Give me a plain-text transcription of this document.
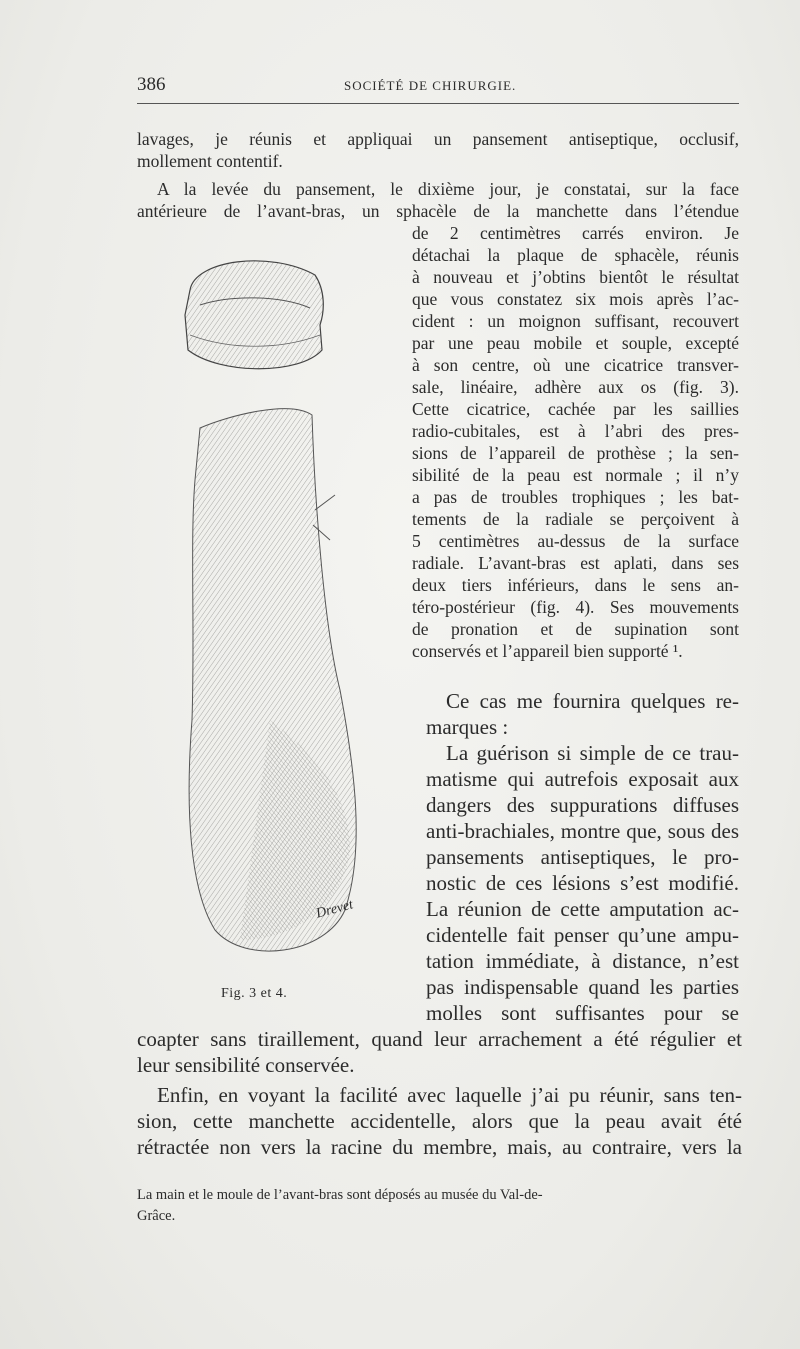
386	SOCIÉTÉ DE CHIRURGIE.
lavages, je réunis et appliquai un pansement antiseptique, occlusif,
mollement contentif.
A la levée du pansement, le dixième jour, je constatai, sur la face
antérieure de l’avant-bras, un sphacèle de la manchette dans l’étendue
de 2 centimètres carrés environ. Je
détachai la plaque de sphacèle, réunis
à nouveau et j’obtins bientôt le résultat
que vous constatez six mois après l’ac-
cident : un moignon suffisant, recouvert
par une peau mobile et souple, excepté
à son centre, où une cicatrice transver-
sale, linéaire, adhère aux os (fig. 3).
Cette cicatrice, cachée par les saillies
radio-cubitales, est à l’abri des pres-
sions de l’appareil de prothèse ; la sen-
sibilité de la peau est normale ; il n’y
a pas de troubles trophiques ; les bat-
tements de la radiale se perçoivent à
5 centimètres au-dessus de la surface
radiale. L’avant-bras est aplati, dans ses
deux tiers inférieurs, dans le sens an-
téro-postérieur (fig. 4). Ses mouvements
de pronation et de supination sont
conservés et l’appareil bien supporté ¹.
Ce cas me fournira quelques re-
marques :
La guérison si simple de ce trau-
matisme qui autrefois exposait aux
dangers des suppurations diffuses
anti-brachiales, montre que, sous des
pansements antiseptiques, le pro-
nostic de ces lésions s’est modifié.
La réunion de cette amputation ac-
cidentelle fait penser qu’une ampu-
tation immédiate, à distance, n’est
pas indispensable quand les parties
molles sont suffisantes pour se
coapter sans tiraillement, quand leur arrachement a été régulier et
leur sensibilité conservée.
Enfin, en voyant la facilité avec laquelle j’ai pu réunir, sans ten-
sion, cette manchette accidentelle, alors que la peau avait été
rétractée non vers la racine du membre, mais, au contraire, vers la
Drevet
Fig. 3 et 4.
La main et le moule de l’avant-bras sont déposés au musée du Val-de-
Grâce.
